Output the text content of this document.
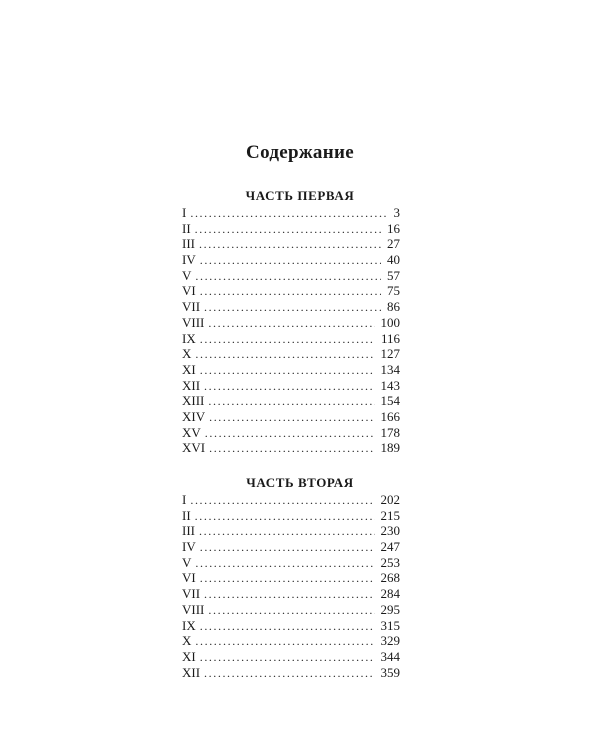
Содержание
ЧАСТЬ ПЕРВАЯ
I .....	3
II .....	16
III .....	27
IV .....	40
V .....	57
VI .....	75
VII .....	86
VIII .....	100
IX .....	116
X .....	127
XI .....	134
XII .....	143
XIII .....	154
XIV .....	166
XV .....	178
XVI .....	189
ЧАСТЬ ВТОРАЯ
I .....	202
II .....	215
III .....	230
IV .....	247
V .....	253
VI .....	268
VII .....	284
VIII .....	295
IX .....	315
X .....	329
XI .....	344
XII .....	359
